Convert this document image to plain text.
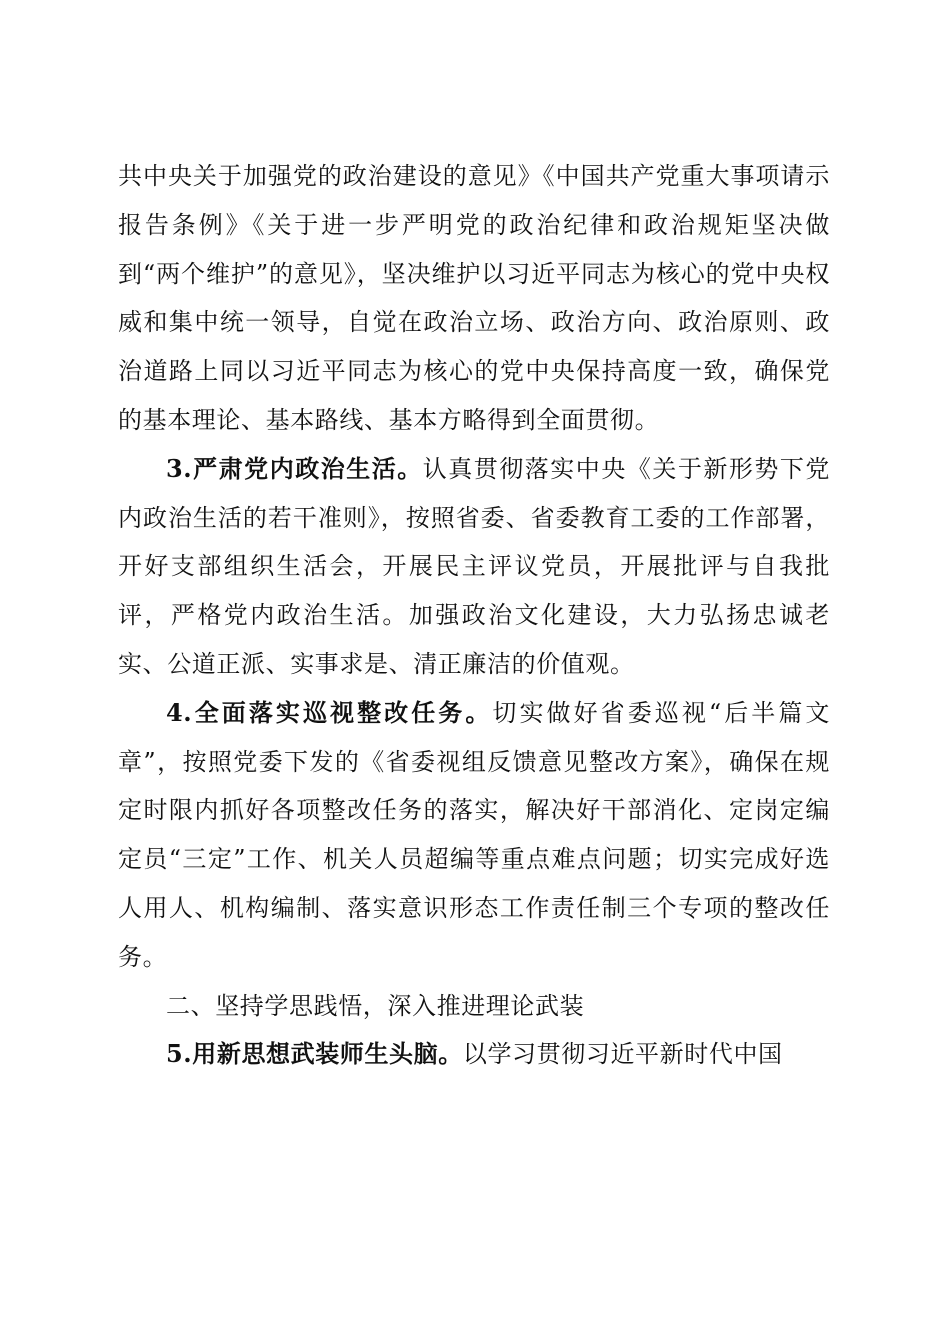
共中央关于加强党的政治建设的意见》《中国共产党重大事项请示报告条例》《关于进一步严明党的政治纪律和政治规矩坚决做到“两个维护”的意见》，坚决维护以习近平同志为核心的党中央权威和集中统一领导，自觉在政治立场、政治方向、政治原则、政治道路上同以习近平同志为核心的党中央保持高度一致，确保党的基本理论、基本路线、基本方略得到全面贯彻。

3.严肃党内政治生活。认真贯彻落实中央《关于新形势下党内政治生活的若干准则》，按照省委、省委教育工委的工作部署，开好支部组织生活会，开展民主评议党员，开展批评与自我批评，严格党内政治生活。加强政治文化建设，大力弘扬忠诚老实、公道正派、实事求是、清正廉洁的价值观。

4.全面落实巡视整改任务。切实做好省委巡视“后半篇文章”，按照党委下发的《省委视组反馈意见整改方案》，确保在规定时限内抓好各项整改任务的落实，解决好干部消化、定岗定编定员“三定”工作、机关人员超编等重点难点问题；切实完成好选人用人、机构编制、落实意识形态工作责任制三个专项的整改任务。

二、坚持学思践悟，深入推进理论武装

5.用新思想武装师生头脑。以学习贯彻习近平新时代中国
